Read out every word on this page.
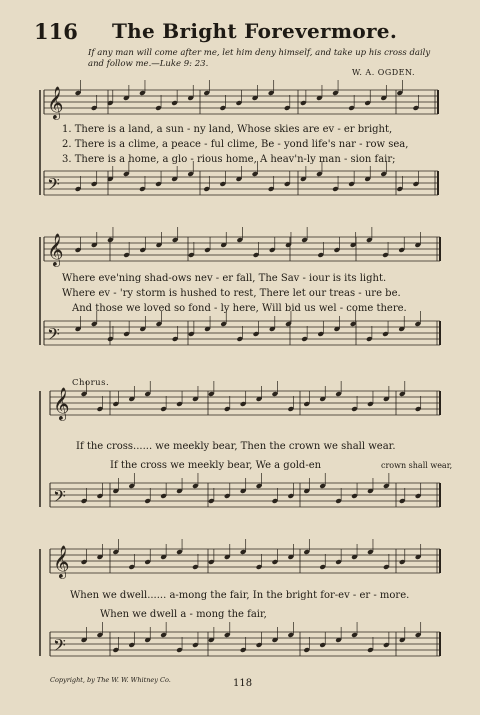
116 The Bright Forevermore.
If any man will come after me, let him deny himself, and take up his cross daily
and follow me.—Luke 9: 23.
W. A. OGDEN.
𝄞
𝄢
𝄞
𝄢
𝄞
𝄢
𝄞
𝄢
1. There is a land, a sun - ny land, Whose skies are ev - er bright,
2. There is a clime, a peace - ful clime, Be - yond life's nar - row sea,
3. There is a home, a glo - rious home, A heav'n-ly man - sion fair;
Where eve'ning shad-ows nev - er fall, The Sav - iour is its light.
Where ev - 'ry storm is hushed to rest, There let our treas - ure be.
And those we loved so fond - ly here, Will bid us wel - come there.
Chorus.
If the cross...... we meekly bear, Then the crown we shall wear.
If the cross we meekly bear, We a gold-en	crown shall wear,
When we dwell...... a-mong the fair, In the bright for-ev - er - more.
When we dwell a - mong the fair,
Copyright, by The W. W. Whitney Co.	118
